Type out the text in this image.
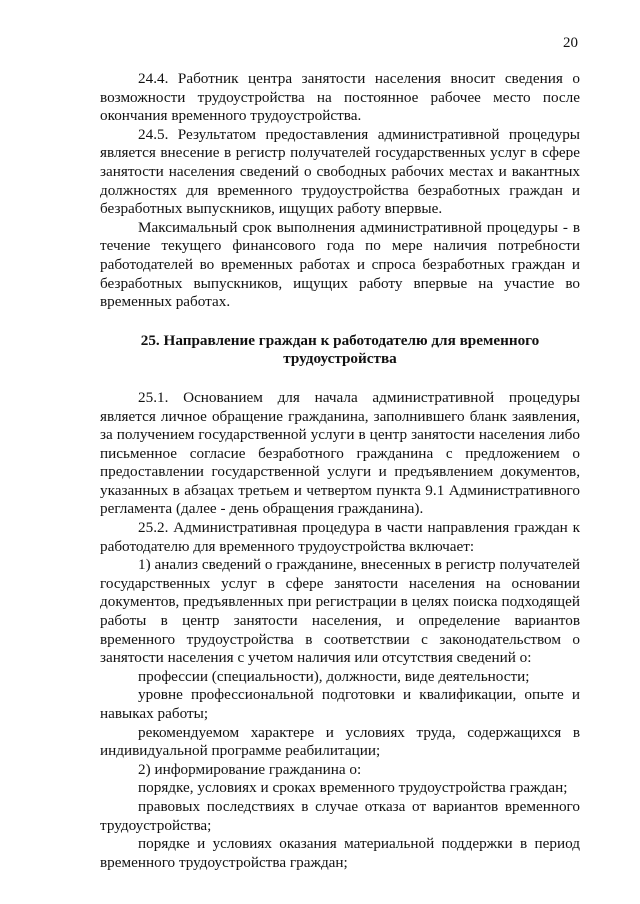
20

24.4. Работник центра занятости населения вносит сведения о возможности трудоустройства на постоянное рабочее место после окончания временного трудоустройства.

24.5. Результатом предоставления административной процедуры является внесение в регистр получателей государственных услуг в сфере занятости населения сведений о свободных рабочих местах и вакантных должностях для временного трудоустройства безработных граждан и безработных выпускников, ищущих работу впервые.

Максимальный срок выполнения административной процедуры - в течение текущего финансового года по мере наличия потребности работодателей во временных работах и спроса безработных граждан и безработных выпускников, ищущих работу впервые на участие во временных работах.

25. Направление граждан к работодателю для временного трудоустройства

25.1. Основанием для начала административной процедуры является личное обращение гражданина, заполнившего бланк заявления, за получением государственной услуги в центр занятости населения либо письменное согласие безработного гражданина с предложением о предоставлении государственной услуги и предъявлением документов, указанных в абзацах третьем и четвертом пункта 9.1 Административного регламента (далее - день обращения гражданина).

25.2. Административная процедура в части направления граждан к работодателю для временного трудоустройства включает:

1) анализ сведений о гражданине, внесенных в регистр получателей государственных услуг в сфере занятости населения на основании документов, предъявленных при регистрации в целях поиска подходящей работы в центр занятости населения, и определение вариантов временного трудоустройства в соответствии с законодательством о занятости населения с учетом наличия или отсутствия сведений о:

профессии (специальности), должности, виде деятельности;

уровне профессиональной подготовки и квалификации, опыте и навыках работы;

рекомендуемом характере и условиях труда, содержащихся в индивидуальной программе реабилитации;

2) информирование гражданина о:

порядке, условиях и сроках временного трудоустройства граждан;

правовых последствиях в случае отказа от вариантов временного трудоустройства;

порядке и условиях оказания материальной поддержки в период временного трудоустройства граждан;
